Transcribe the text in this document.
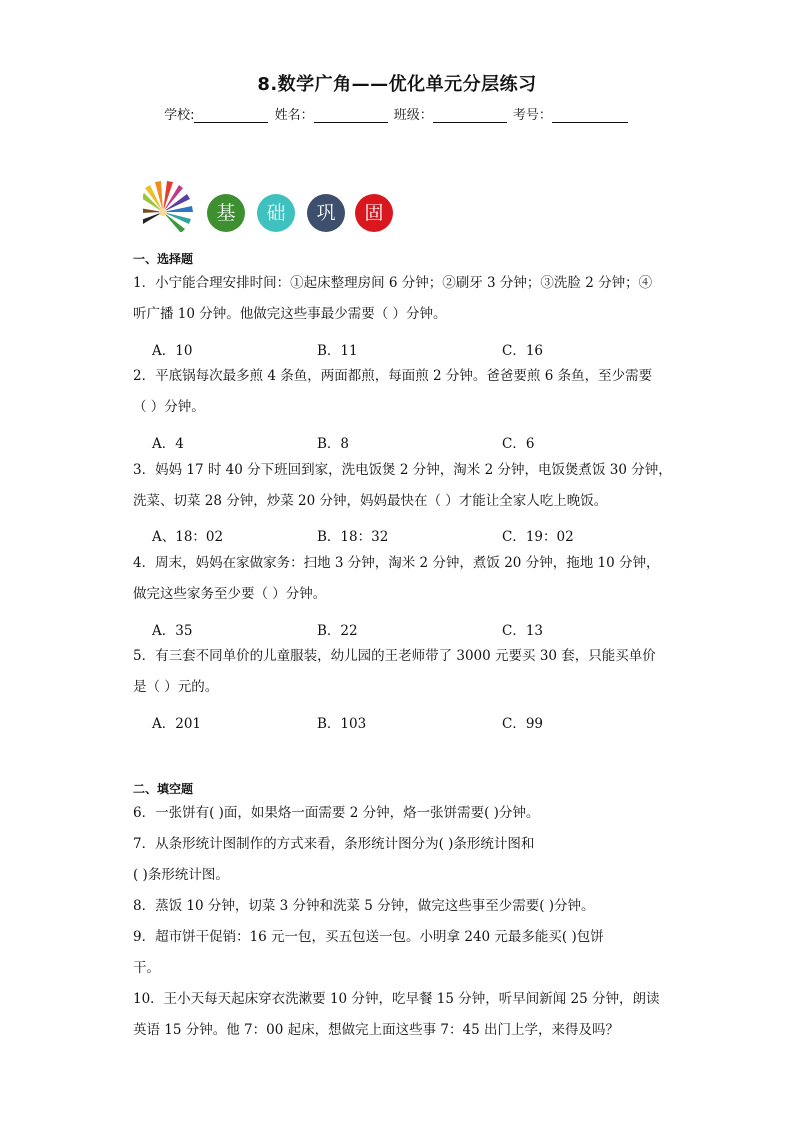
8.数学广角——优化单元分层练习
学校:	姓名：	班级：	考号：
基	础	巩	固
一、选择题
1．小宁能合理安排时间：①起床整理房间 6 分钟；②刷牙 3 分钟；③洗脸 2 分钟；④
听广播 10 分钟。他做完这些事最少需要（ ）分钟。
A．10	B．11	C．16
2．平底锅每次最多煎 4 条鱼，两面都煎，每面煎 2 分钟。爸爸要煎 6 条鱼，至少需要
（ ）分钟。
A．4	B．8	C．6
3．妈妈 17 时 40 分下班回到家，洗电饭煲 2 分钟，淘米 2 分钟，电饭煲煮饭 30 分钟，
洗菜、切菜 28 分钟，炒菜 20 分钟，妈妈最快在（ ）才能让全家人吃上晚饭。
A、18：02	B．18：32	C．19：02
4．周末，妈妈在家做家务：扫地 3 分钟，淘米 2 分钟，煮饭 20 分钟，拖地 10 分钟，
做完这些家务至少要（ ）分钟。
A．35	B．22	C．13
5．有三套不同单价的儿童服装，幼儿园的王老师带了 3000 元要买 30 套，只能买单价
是（ ）元的。
A．201	B．103	C．99
二、填空题
6．一张饼有( )面，如果烙一面需要 2 分钟，烙一张饼需要( )分钟。
7．从条形统计图制作的方式来看，条形统计图分为( )条形统计图和
( )条形统计图。
8．蒸饭 10 分钟，切菜 3 分钟和洗菜 5 分钟，做完这些事至少需要( )分钟。
9．超市饼干促销：16 元一包，买五包送一包。小明拿 240 元最多能买( )包饼
干。
10．王小天每天起床穿衣洗漱要 10 分钟，吃早餐 15 分钟，听早间新闻 25 分钟，朗读
英语 15 分钟。他 7：00 起床，想做完上面这些事 7：45 出门上学，来得及吗？
